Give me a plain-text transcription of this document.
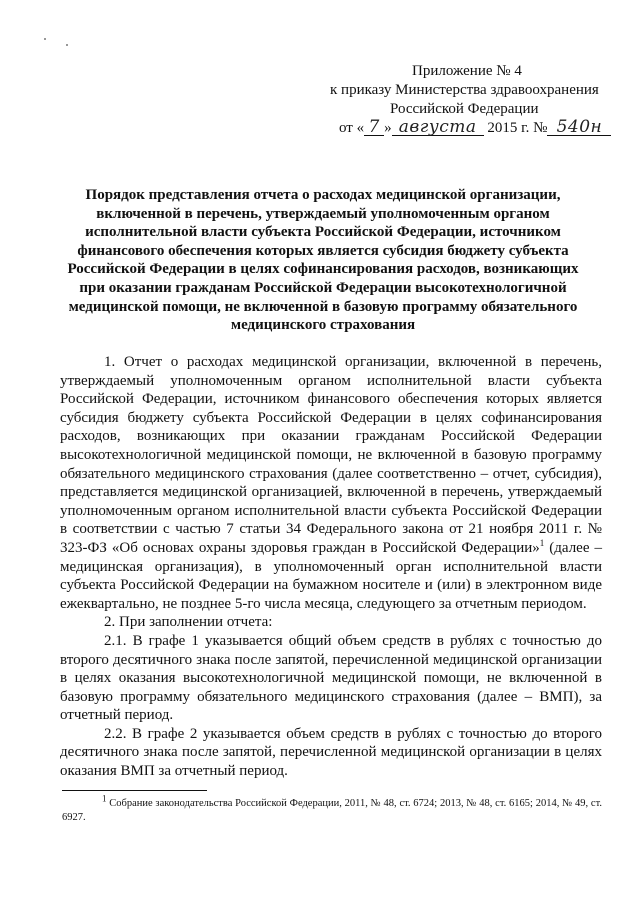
Приложение № 4
к приказу Министерства здравоохранения
Российской Федерации
от « 7 » августа 2015 г. № 540н
Порядок представления отчета о расходах медицинской организации, включенной в перечень, утверждаемый уполномоченным органом исполнительной власти субъекта Российской Федерации, источником финансового обеспечения которых является субсидия бюджету субъекта Российской Федерации в целях софинансирования расходов, возникающих при оказании гражданам Российской Федерации высокотехнологичной медицинской помощи, не включенной в базовую программу обязательного медицинского страхования

1. Отчет о расходах медицинской организации, включенной в перечень, утверждаемый уполномоченным органом исполнительной власти субъекта Российской Федерации, источником финансового обеспечения которых является субсидия бюджету субъекта Российской Федерации в целях софинансирования расходов, возникающих при оказании гражданам Российской Федерации высокотехнологичной медицинской помощи, не включенной в базовую программу обязательного медицинского страхования (далее соответственно – отчет, субсидия), представляется медицинской организацией, включенной в перечень, утверждаемый уполномоченным органом исполнительной власти субъекта Российской Федерации в соответствии с частью 7 статьи 34 Федерального закона от 21 ноября 2011 г. № 323-ФЗ «Об основах охраны здоровья граждан в Российской Федерации»$^1$ (далее – медицинская организация), в уполномоченный орган исполнительной власти субъекта Российской Федерации на бумажном носителе и (или) в электронном виде ежеквартально, не позднее 5-го числа месяца, следующего за отчетным периодом.

2. При заполнении отчета:

2.1. В графе 1 указывается общий объем средств в рублях с точностью до второго десятичного знака после запятой, перечисленной медицинской организации в целях оказания высокотехнологичной медицинской помощи, не включенной в базовую программу обязательного медицинского страхования (далее – ВМП), за отчетный период.

2.2. В графе 2 указывается объем средств в рублях с точностью до второго десятичного знака после запятой, перечисленной медицинской организации в целях оказания ВМП за отчетный период.

$^1$ Собрание законодательства Российской Федерации, 2011, № 48, ст. 6724; 2013, № 48, ст. 6165; 2014, № 49, ст. 6927.
